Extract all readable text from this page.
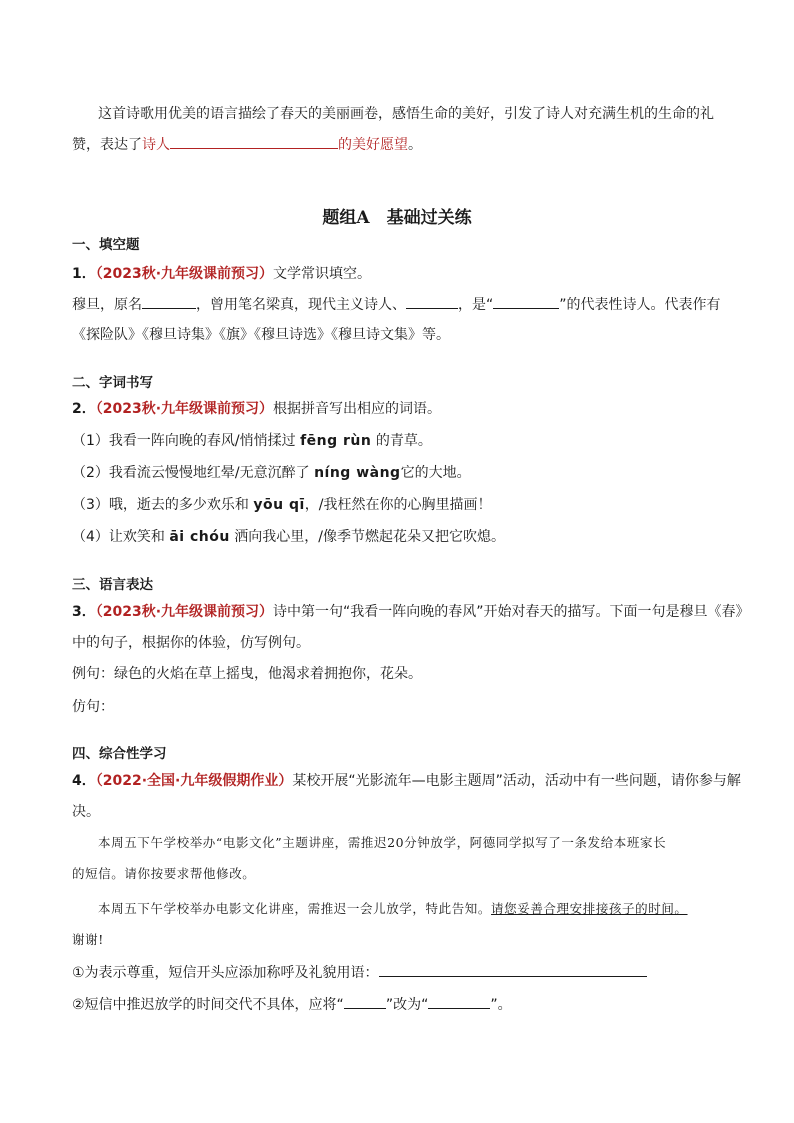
这首诗歌用优美的语言描绘了春天的美丽画卷，感悟生命的美好，引发了诗人对充满生机的生命的礼
赞，表达了诗人	的美好愿望。
题组A　基础过关练
一、填空题
1．（2023秋·九年级课前预习）文学常识填空。
穆旦，原名	，曾用笔名梁真，现代主义诗人、	，是“	”的代表性诗人。代表作有
《探险队》《穆旦诗集》《旗》《穆旦诗选》《穆旦诗文集》等。
二、字词书写
2．（2023秋·九年级课前预习）根据拼音写出相应的词语。
（1）我看一阵向晚的春风/悄悄揉过 fēng rùn 的青草。
（2）我看流云慢慢地红晕/无意沉醉了 níng wàng它的大地。
（3）哦，逝去的多少欢乐和 yōu qī，/我枉然在你的心胸里描画！
（4）让欢笑和 āi chóu 洒向我心里，/像季节燃起花朵又把它吹熄。
三、语言表达
3．（2023秋·九年级课前预习）诗中第一句“我看一阵向晚的春风”开始对春天的描写。下面一句是穆旦《春》
中的句子，根据你的体验，仿写例句。
例句：绿色的火焰在草上摇曳，他渴求着拥抱你，花朵。
仿句：
四、综合性学习
4．（2022·全国·九年级假期作业）某校开展“光影流年—电影主题周”活动，活动中有一些问题，请你参与解
决。
本周五下午学校举办“电影文化”主题讲座，需推迟20分钟放学，阿德同学拟写了一条发给本班家长
的短信。请你按要求帮他修改。
本周五下午学校举办电影文化讲座，需推迟一会儿放学，特此告知。请您妥善合理安排接孩子的时间。
谢谢!
①为表示尊重，短信开头应添加称呼及礼貌用语：
②短信中推迟放学的时间交代不具体，应将“	”改为“	”。
